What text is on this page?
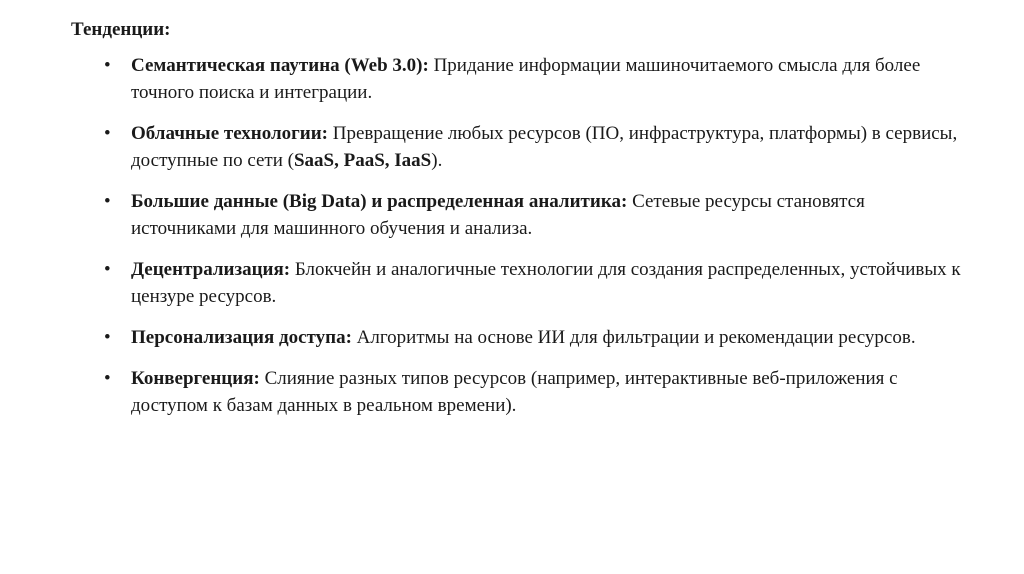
Тенденции:

• Семантическая паутина (Web 3.0): Придание информации машиночитаемого смысла для более точного поиска и интеграции.
• Облачные технологии: Превращение любых ресурсов (ПО, инфраструктура, платформы) в сервисы, доступные по сети (SaaS, PaaS, IaaS).
• Большие данные (Big Data) и распределенная аналитика: Сетевые ресурсы становятся источниками для машинного обучения и анализа.
• Децентрализация: Блокчейн и аналогичные технологии для создания распределенных, устойчивых к цензуре ресурсов.
• Персонализация доступа: Алгоритмы на основе ИИ для фильтрации и рекомендации ресурсов.
• Конвергенция: Слияние разных типов ресурсов (например, интерактивные веб-приложения с доступом к базам данных в реальном времени).
